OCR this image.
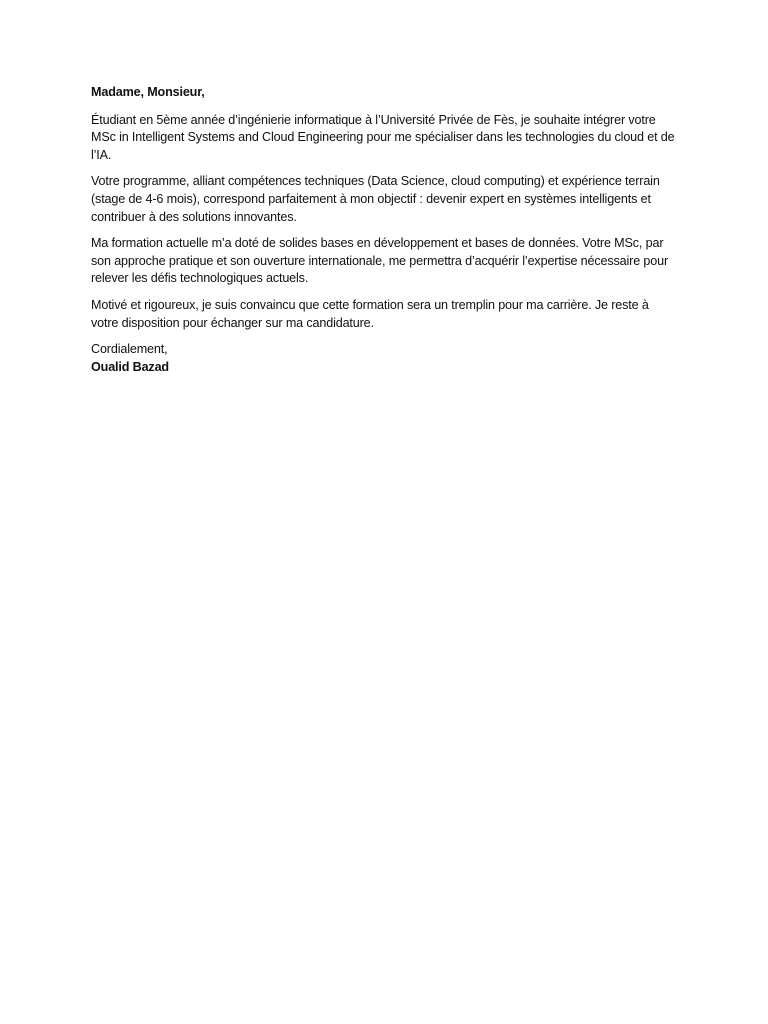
Madame, Monsieur,

Étudiant en 5ème année d’ingénierie informatique à l’Université Privée de Fès, je souhaite intégrer votre MSc in Intelligent Systems and Cloud Engineering pour me spécialiser dans les technologies du cloud et de l’IA.

Votre programme, alliant compétences techniques (Data Science, cloud computing) et expérience terrain (stage de 4-6 mois), correspond parfaitement à mon objectif : devenir expert en systèmes intelligents et contribuer à des solutions innovantes.

Ma formation actuelle m’a doté de solides bases en développement et bases de données. Votre MSc, par son approche pratique et son ouverture internationale, me permettra d’acquérir l’expertise nécessaire pour relever les défis technologiques actuels.

Motivé et rigoureux, je suis convaincu que cette formation sera un tremplin pour ma carrière. Je reste à votre disposition pour échanger sur ma candidature.

Cordialement,

Oualid Bazad
